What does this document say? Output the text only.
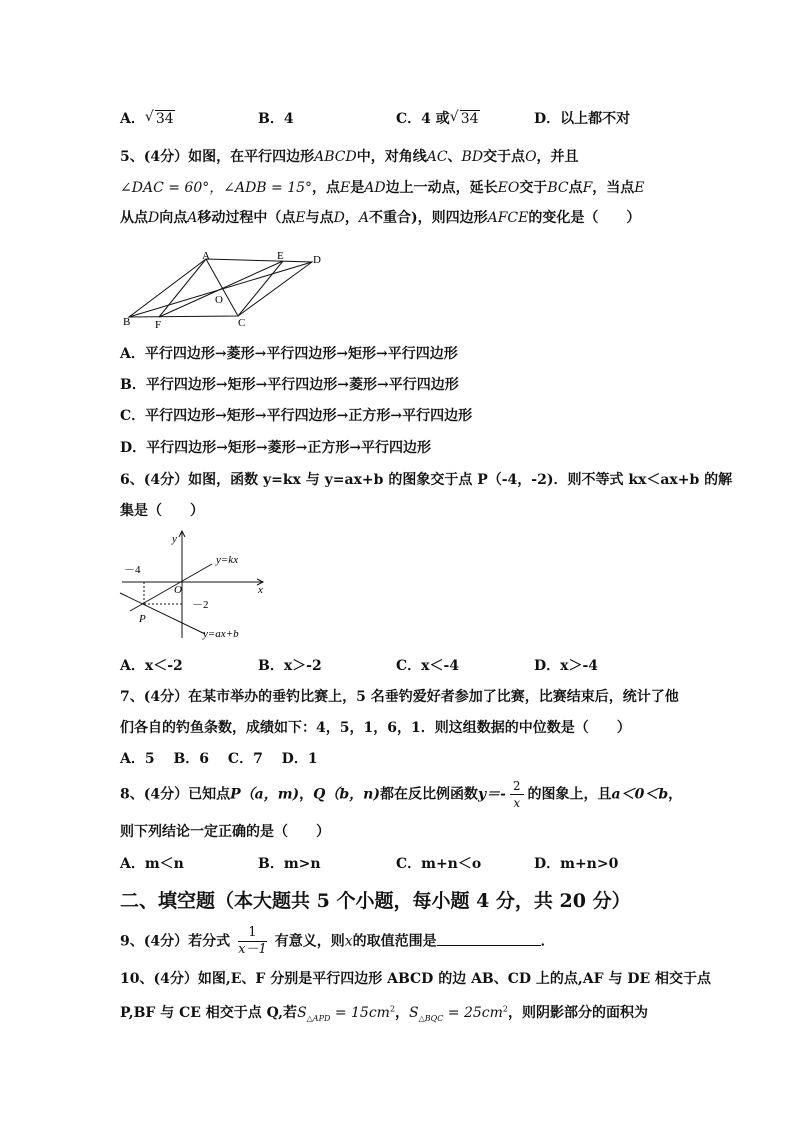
A． √ 34	B．4	C．4 或 √ 34	D．以上都不对
5、(4分）如图，在平行四边形ABCD中，对角线AC、BD交于点O，并且
∠DAC = 60°，∠ADB = 15°，点E是AD边上一动点，延长EO交于BC点F，当点E
从点D向点A移动过程中（点E与点D，A不重合)，则四边形AFCE的变化是（　　）
A	E	D
O
B F	C
A．平行四边形→菱形→平行四边形→矩形→平行四边形
B．平行四边形→矩形→平行四边形→菱形→平行四边形
C．平行四边形→矩形→平行四边形→正方形→平行四边形
D．平行四边形→矩形→菱形→正方形→平行四边形
6、(4分）如图，函数 y=kx 与 y=ax+b 的图象交于点 P（-4，-2)．则不等式 kx＜ax+b 的解
集是（　　）
y
x
O
－4
－2
P
y=kx
y=ax+b
A．x＜-2	B．x＞-2	C．x＜-4	D．x＞-4
7、(4分）在某市举办的垂钓比赛上，5 名垂钓爱好者参加了比赛，比赛结束后，统计了他
们各自的钓鱼条数，成绩如下：4，5，1，6，1．则这组数据的中位数是（　　）
A．5　 B．6　 C．7　 D．1
8、(4分）已知点P（a，m)，Q（b，n)都在反比例函数$y=- \frac{2}{x}$ 的图象上，且a＜0＜b，
则下列结论一定正确的是（　　）
A．m＜n	B．m>n	C．m+n＜o	D．m+n>0
二、填空题（本大题共 5 个小题，每小题 4 分，共 20 分）
9、(4分）若分式 $\frac{1}{x-1}$ 有意义，则x的取值范围是	．
10、(4分）如图,E、F 分别是平行四边形 ABCD 的边 AB、CD 上的点,AF 与 DE 相交于点
P,BF 与 CE 相交于点 Q,若$S_{\triangle APD} = 15cm^2$，$S_{\triangle BQC} = 25cm^2$，则阴影部分的面积为
